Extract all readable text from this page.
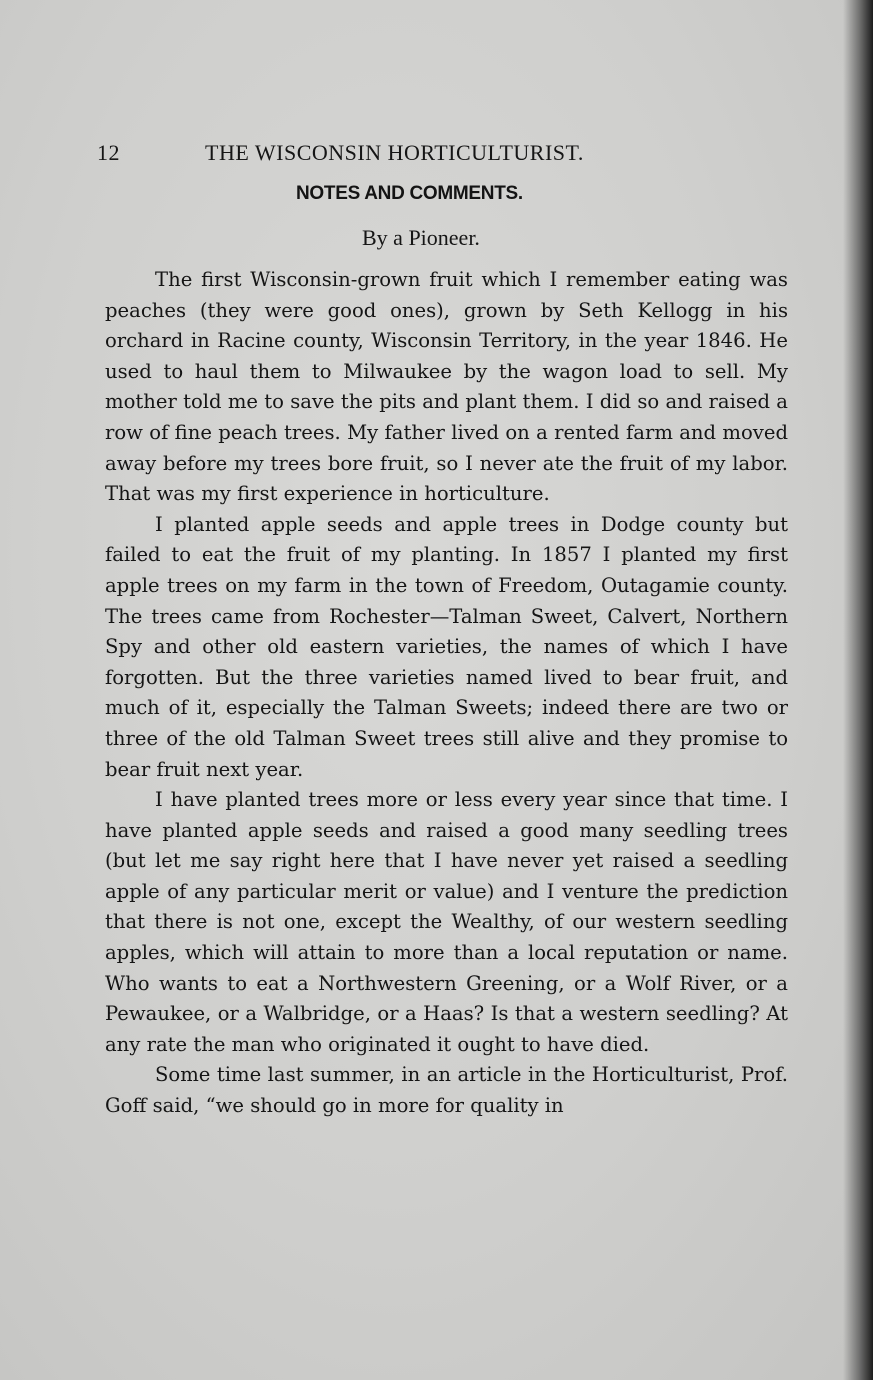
12	THE WISCONSIN HORTICULTURIST.
NOTES AND COMMENTS.
By a Pioneer.

The first Wisconsin-grown fruit which I remember eating was peaches (they were good ones), grown by Seth Kellogg in his orchard in Racine county, Wisconsin Territory, in the year 1846. He used to haul them to Milwaukee by the wagon load to sell. My mother told me to save the pits and plant them. I did so and raised a row of fine peach trees. My father lived on a rented farm and moved away before my trees bore fruit, so I never ate the fruit of my labor. That was my first experience in horticulture.

I planted apple seeds and apple trees in Dodge county but failed to eat the fruit of my planting. In 1857 I planted my first apple trees on my farm in the town of Freedom, Outagamie county. The trees came from Rochester—Talman Sweet, Calvert, Northern Spy and other old eastern varieties, the names of which I have forgotten. But the three varieties named lived to bear fruit, and much of it, especially the Talman Sweets; indeed there are two or three of the old Talman Sweet trees still alive and they promise to bear fruit next year.

I have planted trees more or less every year since that time. I have planted apple seeds and raised a good many seedling trees (but let me say right here that I have never yet raised a seedling apple of any particular merit or value) and I venture the prediction that there is not one, except the Wealthy, of our western seedling apples, which will attain to more than a local reputation or name. Who wants to eat a Northwestern Greening, or a Wolf River, or a Pewaukee, or a Walbridge, or a Haas? Is that a western seedling? At any rate the man who originated it ought to have died.

Some time last summer, in an article in the Horticulturist, Prof. Goff said, “we should go in more for quality in
